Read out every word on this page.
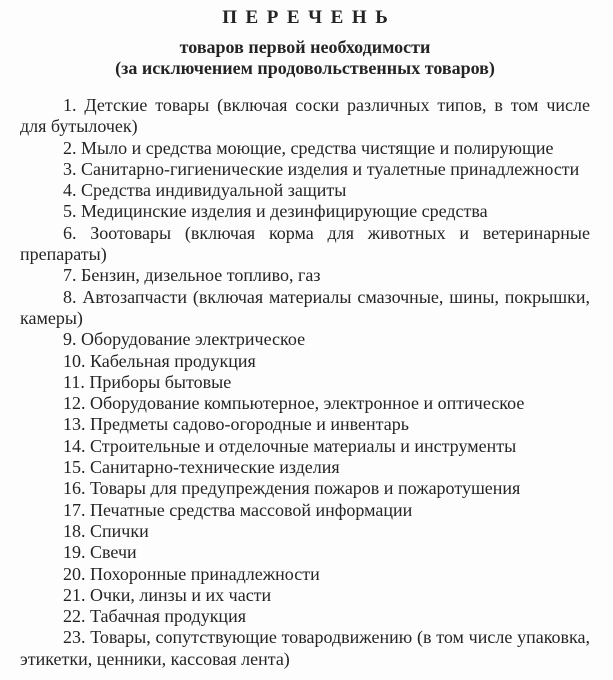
ПЕРЕЧЕНЬ

товаров первой необходимости

(за исключением продовольственных товаров)

1. Детские товары (включая соски различных типов, в том числе для бутылочек)

2. Мыло и средства моющие, средства чистящие и полирующие

3. Санитарно-гигиенические изделия и туалетные принадлежности

4. Средства индивидуальной защиты

5. Медицинские изделия и дезинфицирующие средства

6. Зоотовары (включая корма для животных и ветеринарные препараты)

7. Бензин, дизельное топливо, газ

8. Автозапчасти (включая материалы смазочные, шины, покрышки, камеры)

9. Оборудование электрическое

10. Кабельная продукция

11. Приборы бытовые

12. Оборудование компьютерное, электронное и оптическое

13. Предметы садово-огородные и инвентарь

14. Строительные и отделочные материалы и инструменты

15. Санитарно-технические изделия

16. Товары для предупреждения пожаров и пожаротушения

17. Печатные средства массовой информации

18. Спички

19. Свечи

20. Похоронные принадлежности

21. Очки, линзы и их части

22. Табачная продукция

23. Товары, сопутствующие товародвижению (в том числе упаковка, этикетки, ценники, кассовая лента)
